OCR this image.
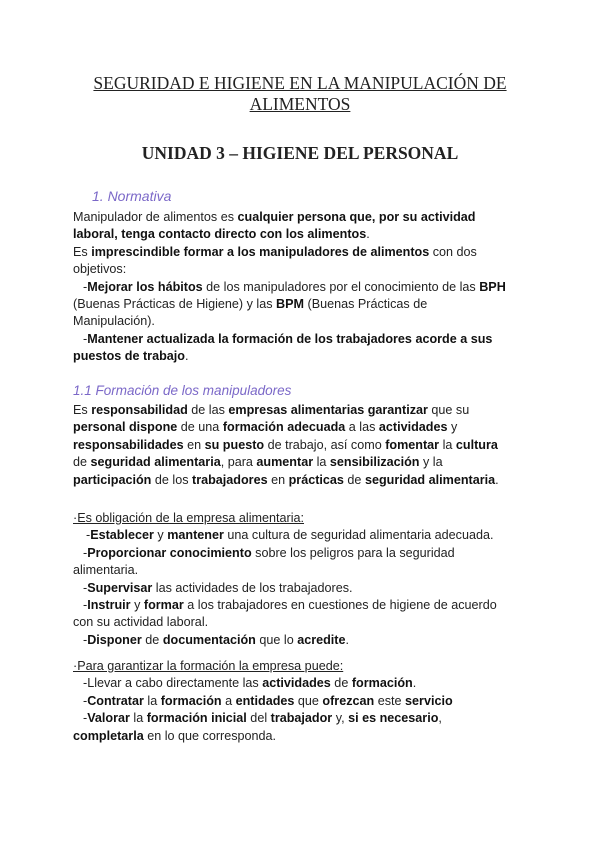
SEGURIDAD E HIGIENE EN LA MANIPULACIÓN DE
ALIMENTOS
UNIDAD 3 – HIGIENE DEL PERSONAL
1. Normativa
1.1 Formación de los manipuladores
Manipulador de alimentos es cualquier persona que, por su actividad
laboral, tenga contacto directo con los alimentos.
Es imprescindible formar a los manipuladores de alimentos con dos
objetivos:
-Mejorar los hábitos de los manipuladores por el conocimiento de las BPH
(Buenas Prácticas de Higiene) y las BPM (Buenas Prácticas de
Manipulación).
-Mantener actualizada la formación de los trabajadores acorde a sus
puestos de trabajo.
Es responsabilidad de las empresas alimentarias garantizar que su
personal dispone de una formación adecuada a las actividades y
responsabilidades en su puesto de trabajo, así como fomentar la cultura
de seguridad alimentaria, para aumentar la sensibilización y la
participación de los trabajadores en prácticas de seguridad alimentaria.
·Es obligación de la empresa alimentaria:
-Establecer y mantener una cultura de seguridad alimentaria adecuada.
-Proporcionar conocimiento sobre los peligros para la seguridad
alimentaria.
-Supervisar las actividades de los trabajadores.
-Instruir y formar a los trabajadores en cuestiones de higiene de acuerdo
con su actividad laboral.
-Disponer de documentación que lo acredite.
·Para garantizar la formación la empresa puede:
-Llevar a cabo directamente las actividades de formación.
-Contratar la formación a entidades que ofrezcan este servicio
-Valorar la formación inicial del trabajador y, si es necesario,
completarla en lo que corresponda.
